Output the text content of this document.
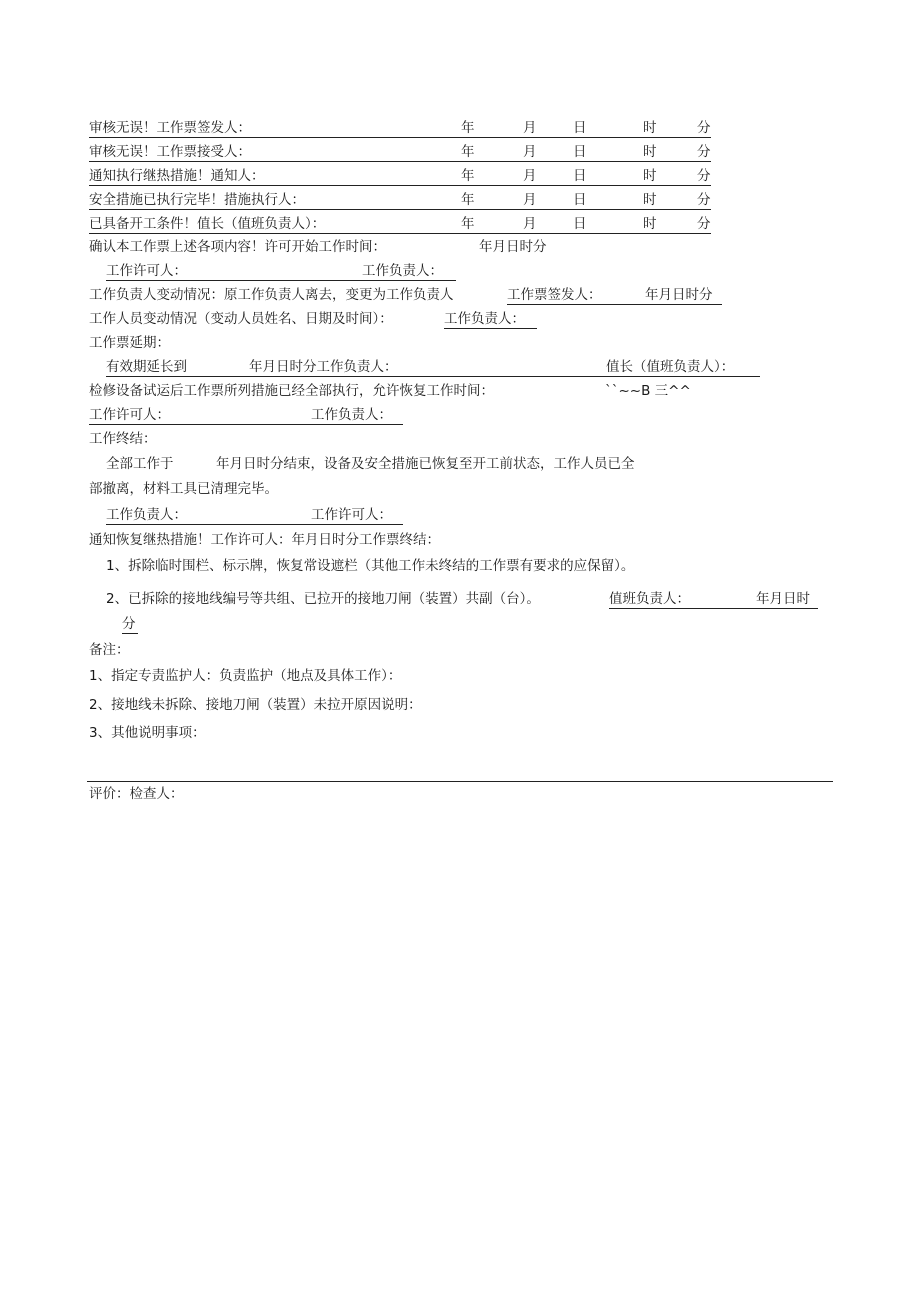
审核无误！工作票签发人：	年	月	日	时	分
审核无误！工作票接受人：	年	月	日	时	分
通知执行继热措施！通知人：	年	月	日	时	分
安全措施已执行完毕！措施执行人：	年	月	日	时	分
已具备开工条件！值长（值班负责人）：	年	月	日	时	分
确认本工作票上述各项内容！许可开始工作时间：	年月日时分
工作许可人：	工作负责人：
工作负责人变动情况：原工作负责人离去，变更为工作负责人	工作票签发人：	年月日时分
工作人员变动情况（变动人员姓名、日期及时间）：	工作负责人：
工作票延期：
有效期延长到	年月日时分工作负责人：	值长（值班负责人）：
检修设备试运后工作票所列措施已经全部执行，允许恢复工作时间：	``~~B 三^^
工作许可人：	工作负责人：
工作终结：
全部工作于	年月日时分结束，设备及安全措施已恢复至开工前状态，工作人员已全
部撤离，材料工具已清理完毕。
工作负责人：	工作许可人：
通知恢复继热措施！工作许可人：年月日时分工作票终结：
1、拆除临时围栏、标示牌，恢复常设遮栏（其他工作未终结的工作票有要求的应保留）。
2、已拆除的接地线编号等共组、已拉开的接地刀闸（装置）共副（台）。	值班负责人：	年月日时
分
备注：
1、指定专责监护人：负责监护（地点及具体工作）：
2、接地线未拆除、接地刀闸（装置）未拉开原因说明：
3、其他说明事项：
评价：检查人：
